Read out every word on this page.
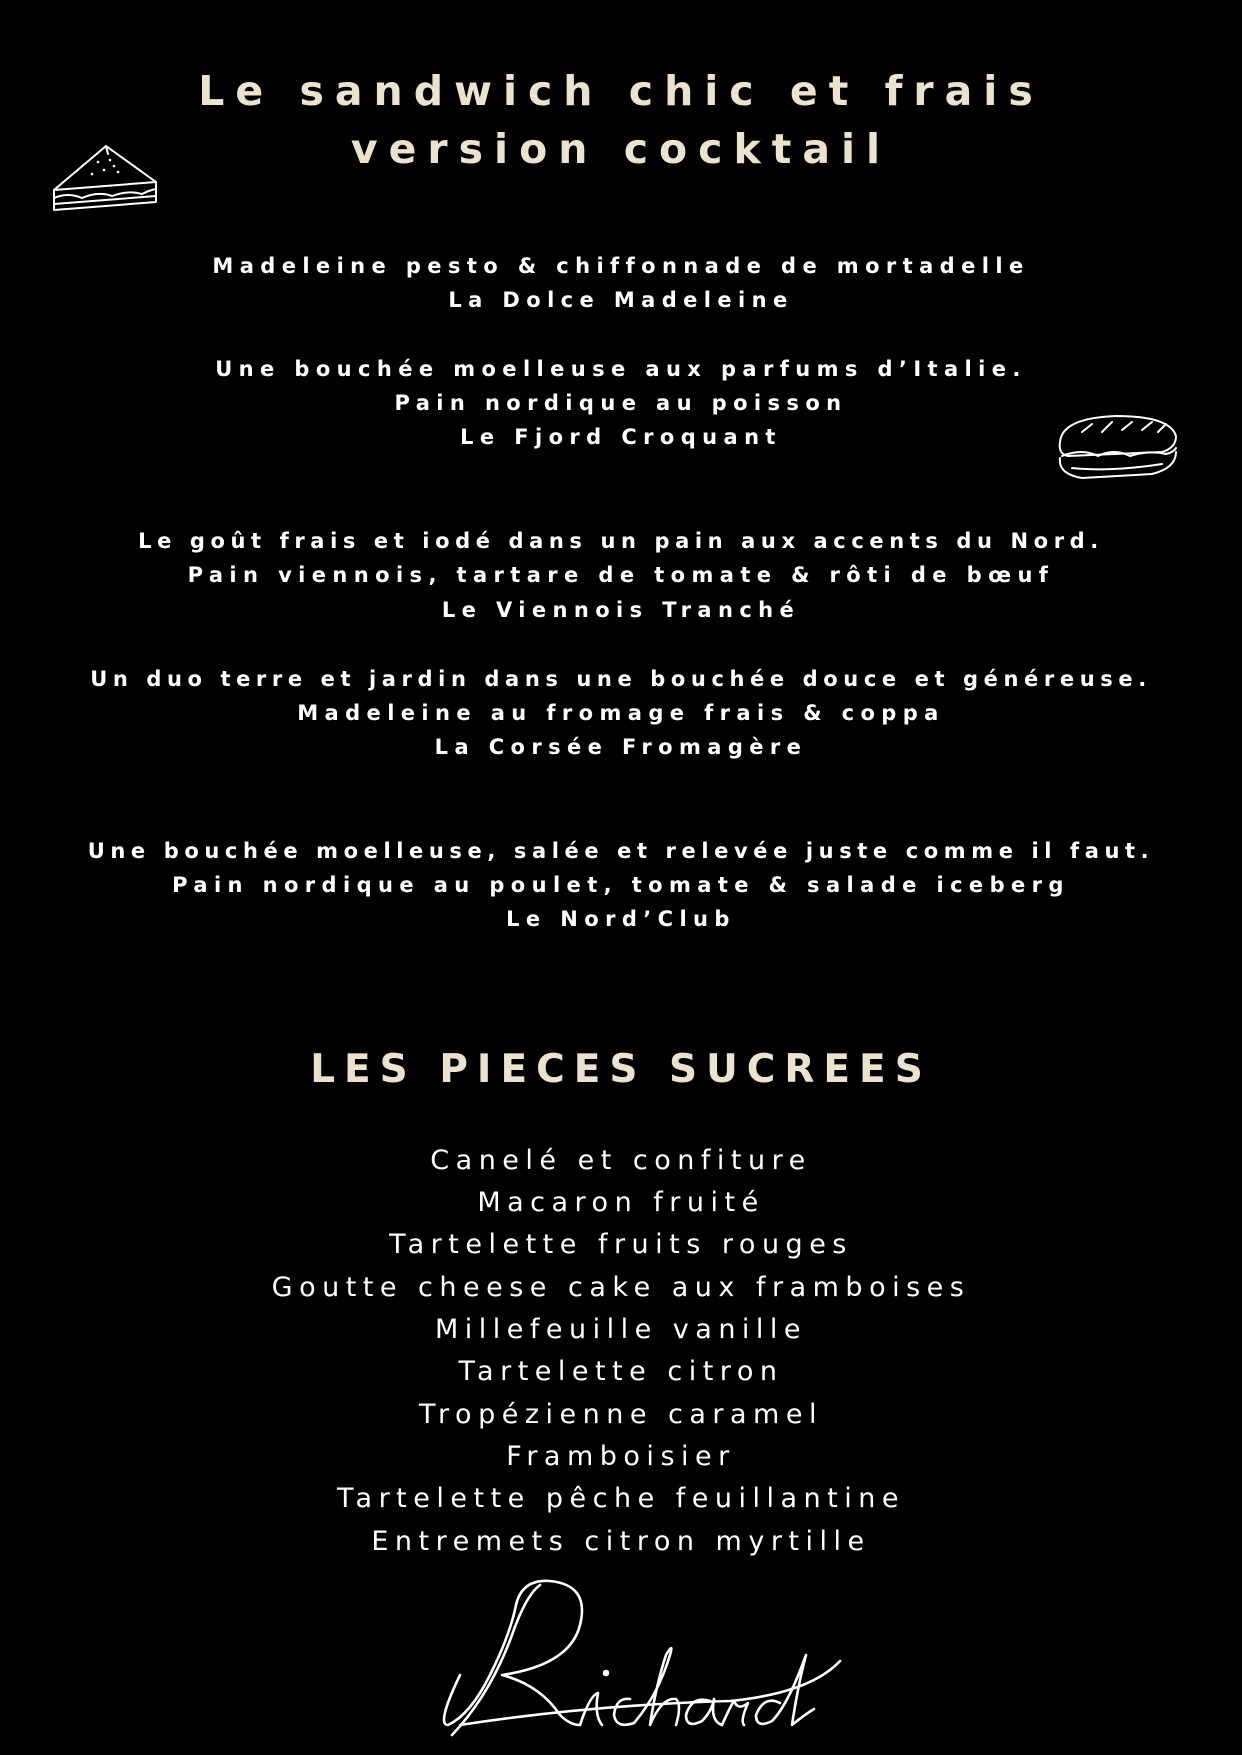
Le sandwich chic et frais
version cocktail
Madeleine pesto & chiffonnade de mortadelle
La Dolce Madeleine
Une bouchée moelleuse aux parfums d’Italie.
Pain nordique au poisson
Le Fjord Croquant
Le goût frais et iodé dans un pain aux accents du Nord.
Pain viennois, tartare de tomate & rôti de bœuf
Le Viennois Tranché
Un duo terre et jardin dans une bouchée douce et généreuse.
Madeleine au fromage frais & coppa
La Corsée Fromagère
Une bouchée moelleuse, salée et relevée juste comme il faut.
Pain nordique au poulet, tomate & salade iceberg
Le Nord’Club
LES PIECES SUCREES
Canelé et confiture
Macaron fruité
Tartelette fruits rouges
Goutte cheese cake aux framboises
Millefeuille vanille
Tartelette citron
Tropézienne caramel
Framboisier
Tartelette pêche feuillantine
Entremets citron myrtille
